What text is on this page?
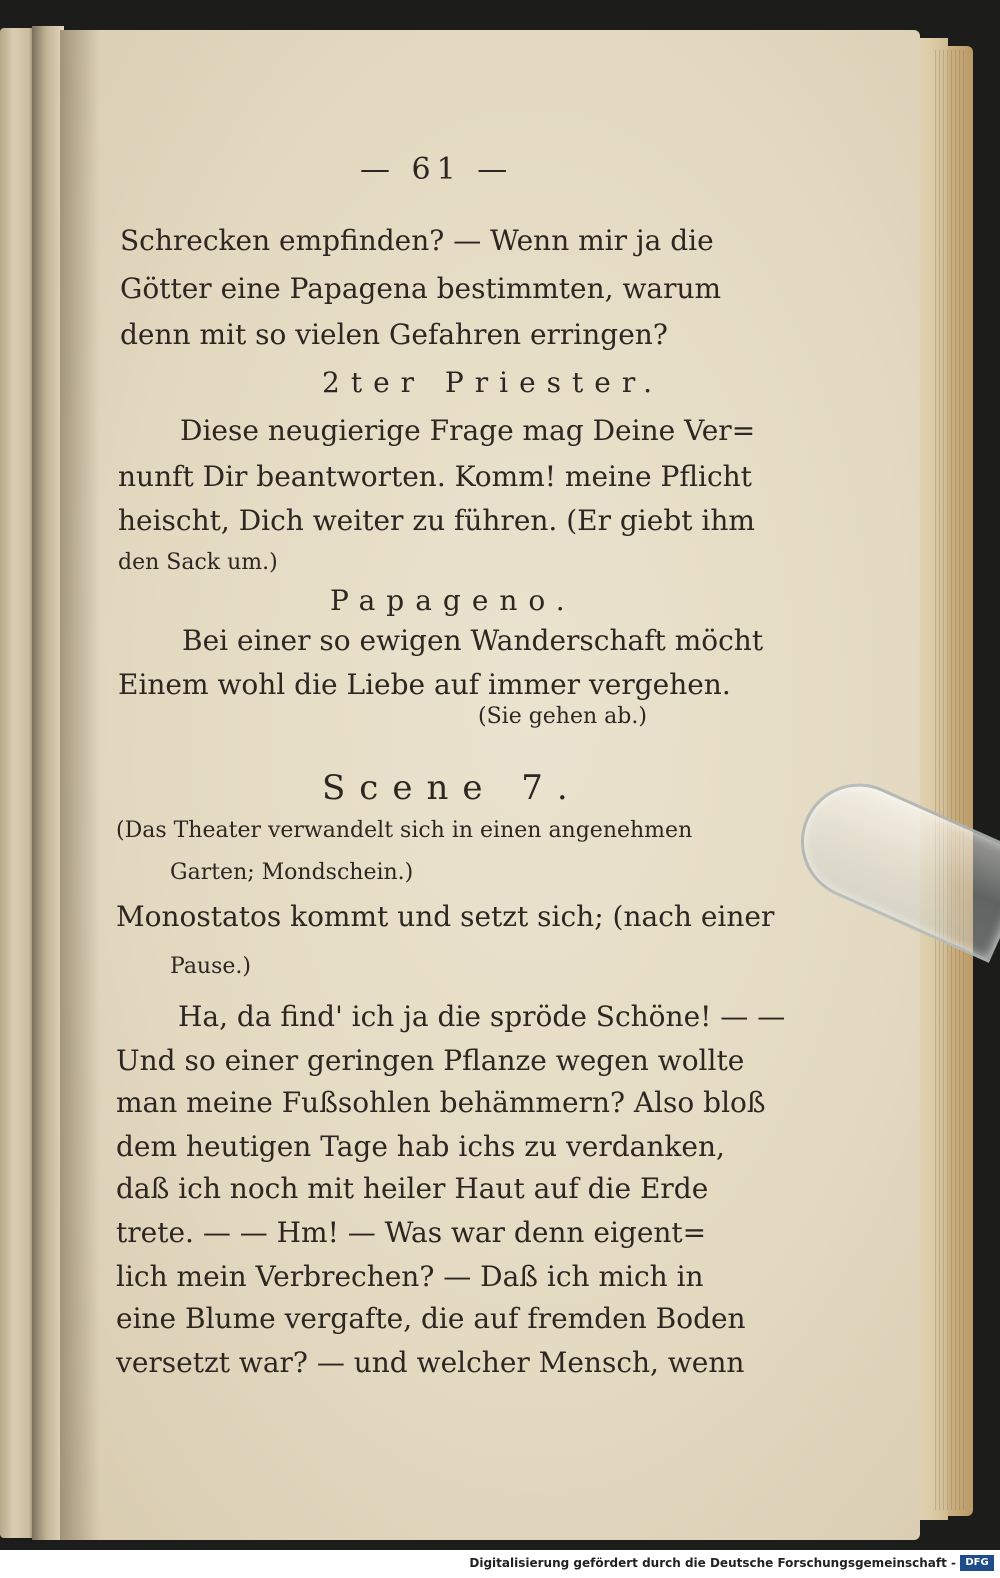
— 61 —
Schrecken empfinden? — Wenn mir ja die
Götter eine Papagena bestimmten, warum
denn mit so vielen Gefahren erringen?
2ter Priester.
Diese neugierige Frage mag Deine Ver=
nunft Dir beantworten. Komm! meine Pflicht
heischt, Dich weiter zu führen. (Er giebt ihm
den Sack um.)
Papageno.
Bei einer so ewigen Wanderschaft möcht
Einem wohl die Liebe auf immer vergehen.
(Sie gehen ab.)
Scene 7.
(Das Theater verwandelt sich in einen angenehmen
Garten; Mondschein.)
Monostatos kommt und setzt sich; (nach einer
Pause.)
Ha, da find' ich ja die spröde Schöne! — —
Und so einer geringen Pflanze wegen wollte
man meine Fußsohlen behämmern? Also bloß
dem heutigen Tage hab ichs zu verdanken,
daß ich noch mit heiler Haut auf die Erde
trete. — — Hm! — Was war denn eigent=
lich mein Verbrechen? — Daß ich mich in
eine Blume vergafte, die auf fremden Boden
versetzt war? — und welcher Mensch, wenn
Digitalisierung gefördert durch die Deutsche Forschungsgemeinschaft - DFG
